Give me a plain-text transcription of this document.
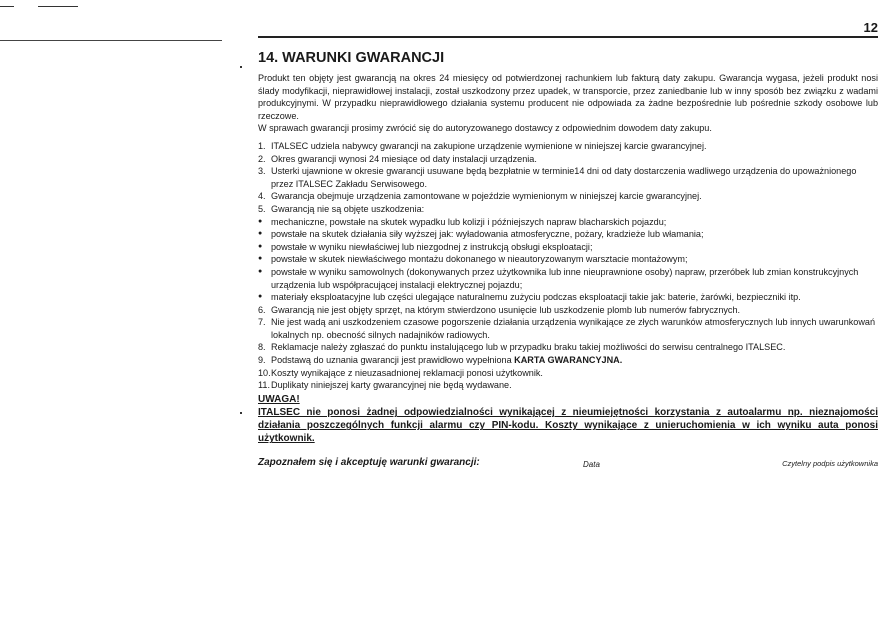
12
14. WARUNKI GWARANCJI

Produkt ten objęty jest gwarancją na okres 24 miesięcy od potwierdzonej rachunkiem lub fakturą daty zakupu. Gwarancja wygasa, jeżeli produkt nosi ślady modyfikacji, nieprawidłowej instalacji, został uszkodzony przez upadek, w transporcie, przez zaniedbanie lub w inny sposób bez związku z wadami produkcyjnymi. W przypadku nieprawidłowego działania systemu producent nie odpowiada za żadne bezpośrednie lub pośrednie szkody osobowe lub rzeczowe.

W sprawach gwarancji prosimy zwrócić się do autoryzowanego dostawcy z odpowiednim dowodem daty zakupu.

1. ITALSEC udziela nabywcy gwarancji na zakupione urządzenie wymienione w niniejszej karcie gwarancyjnej.
2. Okres gwarancji wynosi 24 miesiące od daty instalacji urządzenia.
3. Usterki ujawnione w okresie gwarancji usuwane będą bezpłatnie w terminie14 dni od daty dostarczenia wadliwego urządzenia do upoważnionego przez ITALSEC Zakładu Serwisowego.
4. Gwarancja obejmuje urządzenia zamontowane w pojeździe wymienionym w niniejszej karcie gwarancyjnej.
5. Gwarancją nie są objęte uszkodzenia:
● mechaniczne, powstałe na skutek wypadku lub kolizji i późniejszych napraw blacharskich pojazdu;
● powstałe na skutek działania siły wyższej jak: wyładowania atmosferyczne, pożary, kradzieże lub włamania;
● powstałe w wyniku niewłaściwej lub niezgodnej z instrukcją obsługi eksploatacji;
● powstałe w skutek niewłaściwego montażu dokonanego w nieautoryzowanym warsztacie montażowym;
● powstałe w wyniku samowolnych (dokonywanych przez użytkownika lub inne nieuprawnione osoby) napraw, przeróbek lub zmian konstrukcyjnych urządzenia lub współpracującej instalacji elektrycznej pojazdu;
● materiały eksploatacyjne lub części ulegające naturalnemu zużyciu podczas eksploatacji takie jak: baterie, żarówki, bezpieczniki itp.
6. Gwarancją nie jest objęty sprzęt, na którym stwierdzono usunięcie lub uszkodzenie plomb lub numerów fabrycznych.
7. Nie jest wadą ani uszkodzeniem czasowe pogorszenie działania urządzenia wynikające ze złych warunków atmosferycznych lub innych uwarunkowań lokalnych np. obecność silnych nadajników radiowych.
8. Reklamacje należy zgłaszać do punktu instalującego lub w przypadku braku takiej możliwości do serwisu centralnego ITALSEC.
9. Podstawą do uznania gwarancji jest prawidłowo wypełniona KARTA GWARANCYJNA.
10. Koszty wynikające z nieuzasadnionej reklamacji ponosi użytkownik.
11. Duplikaty niniejszej karty gwarancyjnej nie będą wydawane.
UWAGA!
ITALSEC nie ponosi żadnej odpowiedzialności wynikającej z nieumiejętności korzystania z autoalarmu np. nieznajomości działania poszczególnych funkcji alarmu czy PIN-kodu. Koszty wynikające z unieruchomienia w ich wyniku auta ponosi użytkownik.
Zapoznałem się i akceptuję warunki gwarancji:	Data	Czytelny podpis użytkownika
